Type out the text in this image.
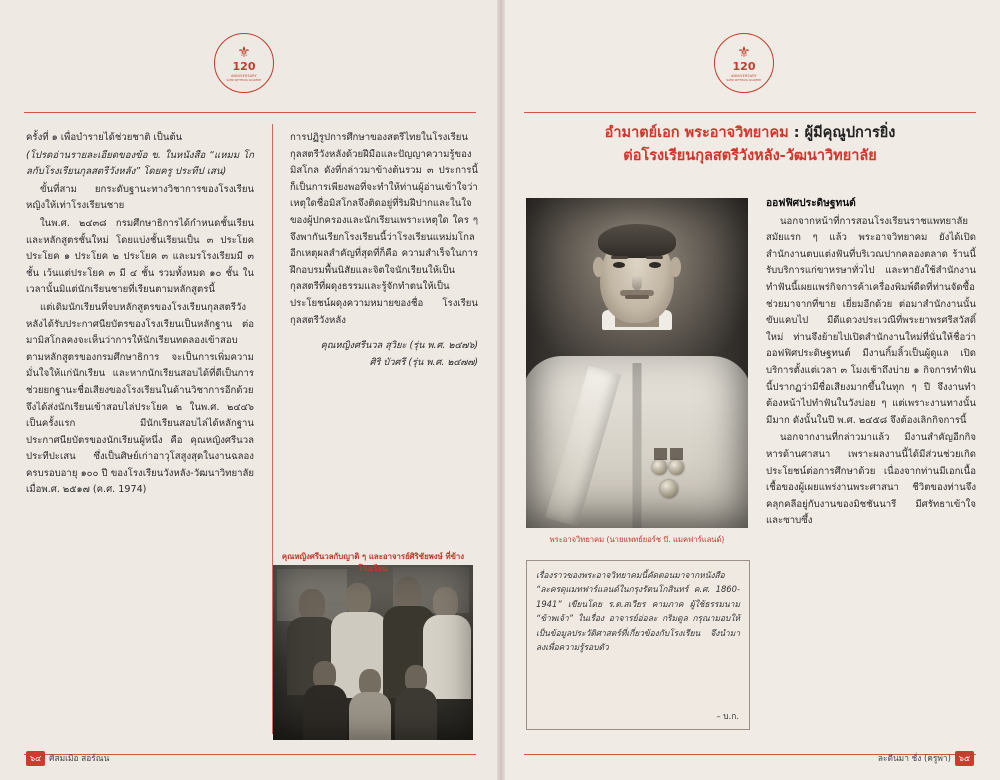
⚜
120
ANNIVERSARY
SATRI WITTHAYA ACADEMY

ครั้งที่ ๑ เพื่อบำรายได้ช่วยชาติ เป็นต้น

(โปรดอ่านรายละเอียดของข้อ ข. ในหนังสือ “แหมม โกลกับโรงเรียนกุลสตรีวังหลัง” โดยครู ประทีป เสน)

ขั้นที่สาม ยกระดับฐานะทางวิชาการของโรงเรียนหญิงให้เท่าโรงเรียนชาย

ในพ.ศ. ๒๔๓๘ กรมศึกษาธิการได้กำหนดชั้นเรียนและหลักสูตรชั้นใหม่ โดยแบ่งชั้นเรียนเป็น ๓ ประโยค ประโยค ๑ ประโยค ๒ ประโยค ๓ และมรโรงเรียมมี ๓ ชั้น เว้นแต่ประโยค ๓ มี ๔ ชั้น รวมทั้งหมด ๑๐ ชั้น ในเวลานั้นมิแต่นักเรียนชายที่เรียนตามหลักสูตรนี้

แต่เดิมนักเรียนที่จบหลักสูตรของโรงเรียนกุลสตรีวังหลังได้รับประกาศนียบัตรของโรงเรียนเป็นหลักฐาน ต่อมามิสโกลคงจะเห็นว่าการให้นักเรียนทดลองเข้าสอบตามหลักสูตรของกรมศึกษาธิการ จะเป็นการเพิ่มความมั่นใจให้แก่นักเรียน และหากนักเรียนสอบได้ที่ดีเป็นการช่วยยกฐานะชื่อเสียงของโรงเรียนในด้านวิชาการอีกด้วย จึงได้ส่งนักเรียนเข้าสอบไล่ประโยค ๒ ในพ.ศ. ๒๔๔๖ เป็นครั้งแรก มีนักเรียนสอบไล่ได้หลักฐานประกาศนียบัตรของนักเรียนผู้หนึ่ง คือ คุณหญิงศรีนวล ประทีปะเสน ซึ่งเป็นศิษย์เก่าอาวุโสสูงสุดในงานฉลองครบรอบอายุ ๑๐๐ ปี ของโรงเรียนวังหลัง-วัฒนาวิทยาลัย เมื่อพ.ศ. ๒๕๑๗ (ค.ศ. 1974)

การปฏิรูปการศึกษาของสตรีไทยในโรงเรียนกุลสตรีวังหลังด้วยฝีมือและปัญญาความรู้ของมิสโกล ดังที่กล่าวมาข้างต้นรวม ๓ ประการนี้ ก็เป็นการเพียงพอที่จะทำให้ท่านผู้อ่านเข้าใจว่า เหตุใดชื่อมิสโกลจึงติดอยู่ที่ริมฝีปากและในใจของผู้ปกครองและนักเรียนเพราะเหตุใด ใคร ๆ จึงพากันเรียกโรงเรียนนี้ว่าโรงเรียนแหม่มโกล อีกเหตุผลสำคัญที่สุดที่ก็คือ ความสำเร็จในการฝึกอบรมพื้นนิสัยและจิตใจนักเรียนให้เป็นกุลสตรีที่ผดุงธรรมและรู้จักทำตนให้เป็นประโยชน์ผดุงความหมายของชื่อ โรงเรียนกุลสตรีวังหลัง

คุณหญิงศรีนวล สุวิยะ (รุ่น พ.ศ. ๒๔๗๖)
ศิริ บัวศรี (รุ่น พ.ศ. ๒๔๗๗)
คุณหญิงศรีนวลกับญาติ ๆ และอาจารย์ศิริชัยพงษ์ ที่ข้างโรงเรียน
๖๔ ศิสมเมิอ สอร์ณน
⚜
120
ANNIVERSARY
SATRI WITTHAYA ACADEMY
อำมาตย์เอก พระอาจวิทยาคม : ผู้มีคุณูปการยิ่ง
ต่อโรงเรียนกุลสตรีวังหลัง-วัฒนาวิทยาลัย
พระอาจวิทยาคม (นายแพทย์ยอร์ช บี. แมคฟาร์แลนด์)
เรื่องราวของพระอาจวิทยาคมนี้คัดตอนมาจากหนังสือ “ละครดุแมทฟาร์แลนด์ในกรุงรัตนโกสินทร์ ค.ศ. 1860-1941” เขียนโดย ร.ต.สเวียร คามภาค ผู้ใช้ธรรมนาม “ข้าพเจ้า” ในเรื่อง อาจารย์อ่อละ กริมดูล กรุณามอบให้เป็นข้อมูลประวัติศาสตร์ที่เกี่ยวข้องกับโรงเรียน จึงนำมาลงเพื่อความรู้รอบตัว
– บ.ก.

ออฟฟิศประดิษฐทนต์

นอกจากหน้าที่การสอนโรงเรียนราชแพทยาลัยสมัยแรก ๆ แล้ว พระอาจวิทยาคม ยังได้เปิดสำนักงานตบแต่งฟันที่บริเวณปากคลองตลาด ร้านนี้รับบริการแก่ขาหรษาทั่วไป และทายังใช้สำนักงานทำฟันนี้เผยแพร่กิจการค้าเครื่องพิมพ์ดีดที่ท่านจัดซื้อช่วยมาจากที่ขาย เยี่ยมอีกด้วย ต่อมาสำนักงานนั้นขับแคบไป มีดีแดวงประเวณีที่พระยาพรศรีสวัสดิ์ใหม่ ท่านจึงย้ายไปเปิดสำนักงานใหม่ที่นั่นให้ชื่อว่า ออฟฟิศประดิษฐทนต์ มีงานกิ้มลิ้วเป็นผู้ดูแล เปิดบริการตั้งแต่เวลา ๓ โมงเช้าถึงบ่าย ๑ กิจการทำฟันนี้ปรากฏว่ามีชื่อเสียงมากขึ้นในทุก ๆ ปี จึงงานทำต้องหน้าไปทำฟันในวังบ่อย ๆ แต่เพราะงานทางนั้นมีมาก ดังนั้นในปี พ.ศ. ๒๔๕๘ จึงต้องเลิกกิจการนี้

นอกจากงานที่กล่าวมาแล้ว มีงานสำคัญอีกกิจหารด้านศาสนา เพราะผลงานนี้ได้มีส่วนช่วยเกิดประโยชน์ต่อการศึกษาด้วย เนื่องจากท่านมีเอกเนื้อเชื้อของผู้เผยแพร่งานพระศาสนา ชีวิตของท่านจึงคลุกคลีอยู่กับงานของมิชชันนารี มีศรัทธาเข้าใจและซาบซึ้ง

ละตีนมา ชั่ง (ครูพ่า) ๖๕
